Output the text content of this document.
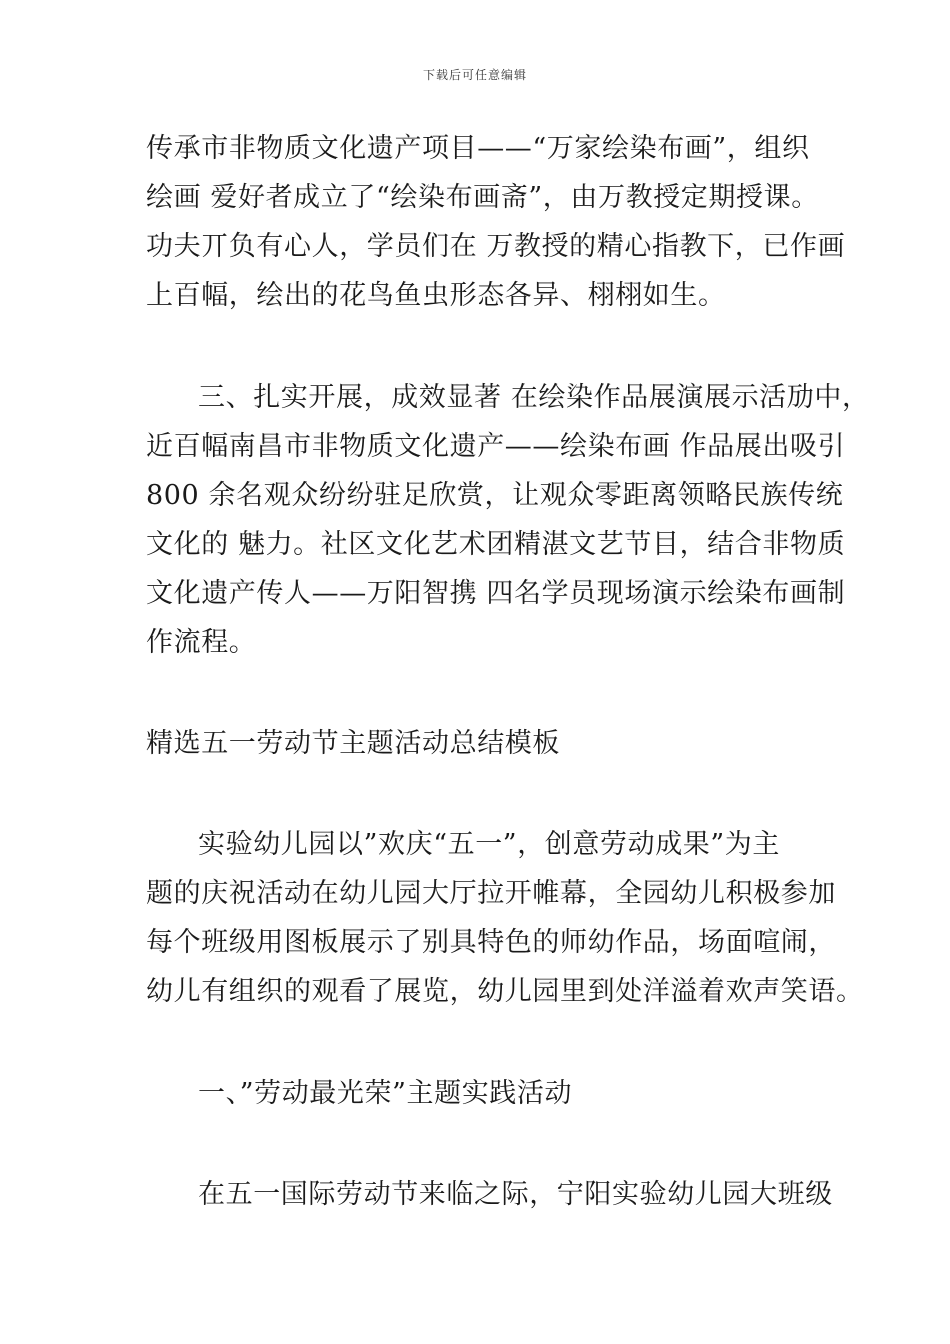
下载后可任意编辑
传承市非物质文化遗产项目——“万家绘染布画”，组织
绘画 爱好者成立了“绘染布画斋”，由万教授定期授课。
功夫丌负有心人，学员们在 万教授的精心指教下，已作画
上百幅，绘出的花鸟鱼虫形态各异、栩栩如生。
三、扎实开展，成效显著 在绘染作品展演展示活劢中，
近百幅南昌市非物质文化遗产——绘染布画 作品展出吸引
800 余名观众纷纷驻足欣赏，让观众零距离领略民族传统
文化的 魅力。社区文化艺术团精湛文艺节目，结合非物质
文化遗产传人——万阳智携 四名学员现场演示绘染布画制
作流程。
精选五一劳动节主题活动总结模板
实验幼儿园以”欢庆“五一”，创意劳动成果”为主
题的庆祝活动在幼儿园大厅拉开帷幕，全园幼儿积极参加
每个班级用图板展示了别具特色的师幼作品，场面喧闹，
幼儿有组织的观看了展览，幼儿园里到处洋溢着欢声笑语。
一、”劳动最光荣”主题实践活动
在五一国际劳动节来临之际，宁阳实验幼儿园大班级
